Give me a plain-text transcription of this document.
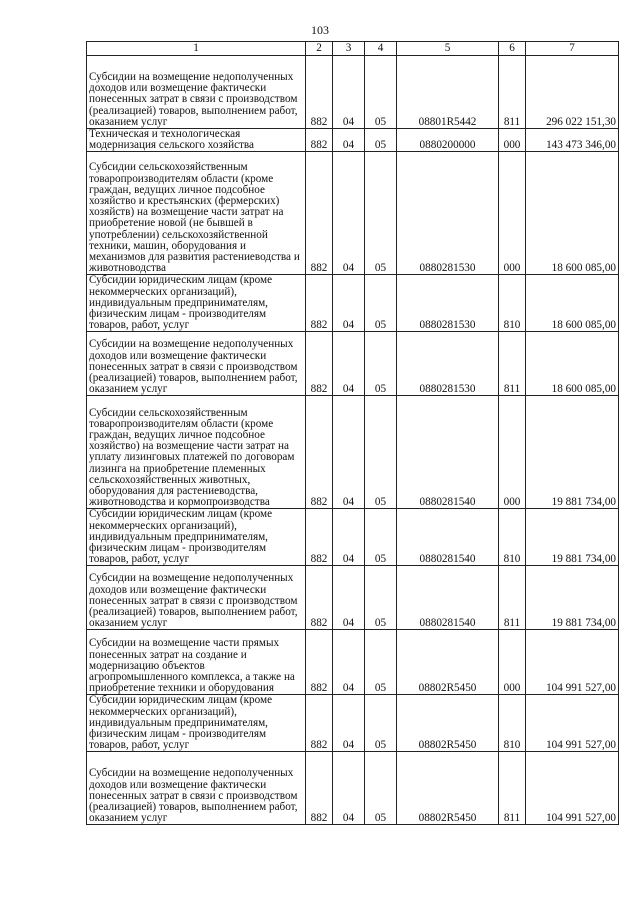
103
1	2	3	4	5	6	7
Субсидии на возмещение недополученных доходов или возмещение фактически понесенных затрат в связи с производством (реализацией) товаров, выполнением работ, оказанием услуг	882	04	05	08801R5442	811	296 022 151,30
Техническая и технологическая модернизация сельского хозяйства	882	04	05	0880200000	000	143 473 346,00
Субсидии сельскохозяйственным товаропроизводителям области (кроме граждан, ведущих личное подсобное хозяйство и крестьянских (фермерских) хозяйств) на возмещение части затрат на приобретение новой (не бывшей в употреблении) сельскохозяйственной техники, машин, оборудования и механизмов для развития растениеводства и животноводства	882	04	05	0880281530	000	18 600 085,00
Субсидии юридическим лицам (кроме некоммерческих организаций), индивидуальным предпринимателям, физическим лицам - производителям товаров, работ, услуг	882	04	05	0880281530	810	18 600 085,00
Субсидии на возмещение недополученных доходов или возмещение фактически понесенных затрат в связи с производством (реализацией) товаров, выполнением работ, оказанием услуг	882	04	05	0880281530	811	18 600 085,00
Субсидии сельскохозяйственным товаропроизводителям области (кроме граждан, ведущих личное подсобное хозяйство) на возмещение части затрат на уплату лизинговых платежей по договорам лизинга на приобретение племенных сельскохозяйственных животных, оборудования для растениеводства, животноводства и кормопроизводства	882	04	05	0880281540	000	19 881 734,00
Субсидии юридическим лицам (кроме некоммерческих организаций), индивидуальным предпринимателям, физическим лицам - производителям товаров, работ, услуг	882	04	05	0880281540	810	19 881 734,00
Субсидии на возмещение недополученных доходов или возмещение фактически понесенных затрат в связи с производством (реализацией) товаров, выполнением работ, оказанием услуг	882	04	05	0880281540	811	19 881 734,00
Субсидии на возмещение части прямых понесенных затрат на создание и модернизацию объектов агропромышленного комплекса, а также на приобретение техники и оборудования	882	04	05	08802R5450	000	104 991 527,00
Субсидии юридическим лицам (кроме некоммерческих организаций), индивидуальным предпринимателям, физическим лицам - производителям товаров, работ, услуг	882	04	05	08802R5450	810	104 991 527,00
Субсидии на возмещение недополученных доходов или возмещение фактически понесенных затрат в связи с производством (реализацией) товаров, выполнением работ, оказанием услуг	882	04	05	08802R5450	811	104 991 527,00
